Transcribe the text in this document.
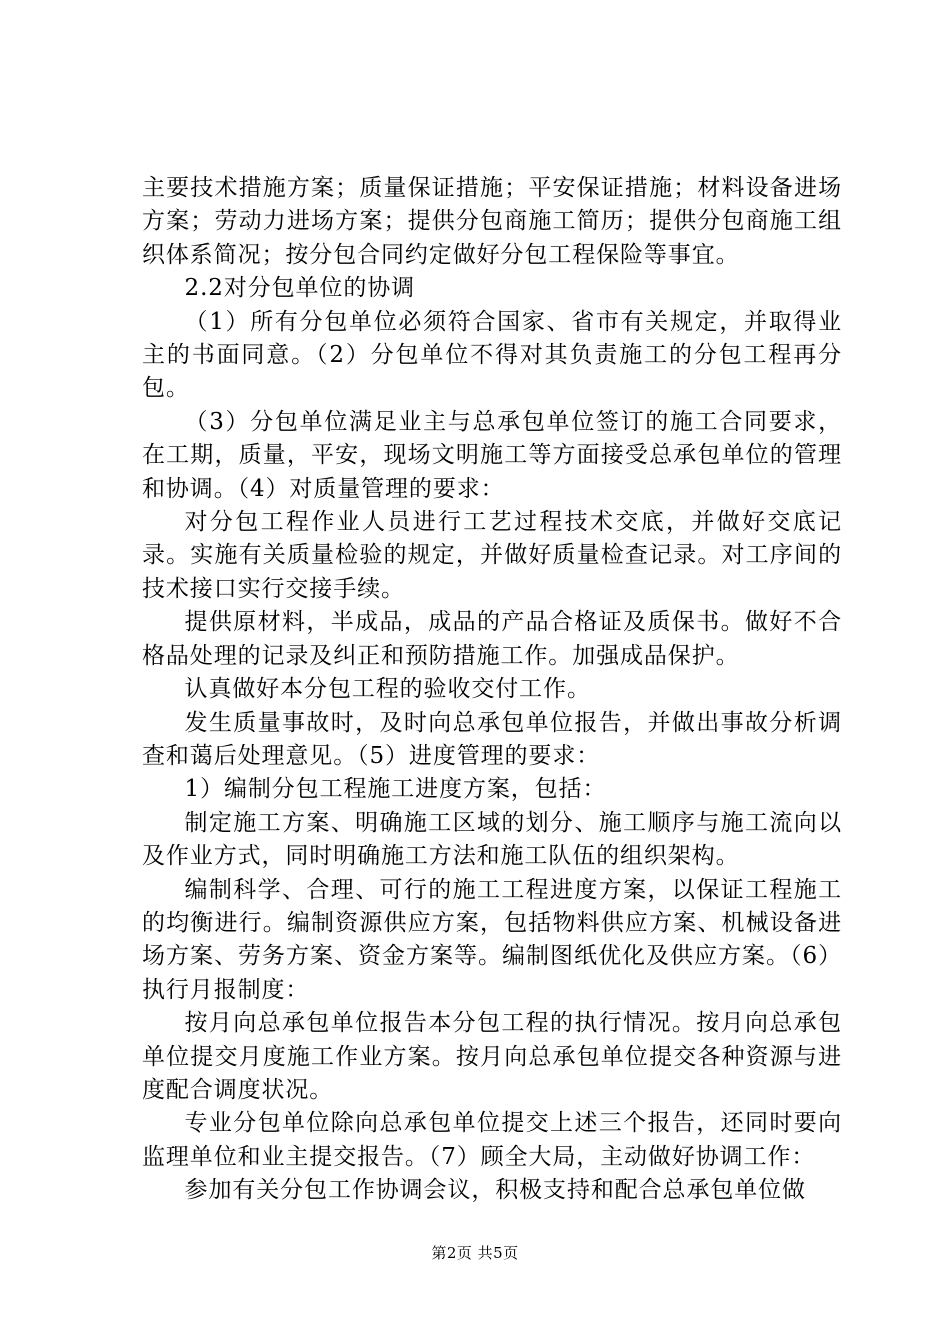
主要技术措施方案；质量保证措施；平安保证措施；材料设备进场方案；劳动力进场方案；提供分包商施工简历；提供分包商施工组织体系简况；按分包合同约定做好分包工程保险等事宜。

2.2对分包单位的协调

（1）所有分包单位必须符合国家、省市有关规定，并取得业主的书面同意。（2）分包单位不得对其负责施工的分包工程再分包。

（3）分包单位满足业主与总承包单位签订的施工合同要求，在工期，质量，平安，现场文明施工等方面接受总承包单位的管理和协调。（4）对质量管理的要求：

对分包工程作业人员进行工艺过程技术交底，并做好交底记录。实施有关质量检验的规定，并做好质量检查记录。对工序间的技术接口实行交接手续。

提供原材料，半成品，成品的产品合格证及质保书。做好不合格品处理的记录及纠正和预防措施工作。加强成品保护。

认真做好本分包工程的验收交付工作。

发生质量事故时，及时向总承包单位报告，并做出事故分析调查和蔼后处理意见。（5）进度管理的要求：

1）编制分包工程施工进度方案，包括：

制定施工方案、明确施工区域的划分、施工顺序与施工流向以及作业方式，同时明确施工方法和施工队伍的组织架构。

编制科学、合理、可行的施工工程进度方案，以保证工程施工的均衡进行。编制资源供应方案，包括物料供应方案、机械设备进场方案、劳务方案、资金方案等。编制图纸优化及供应方案。（6）执行月报制度：

按月向总承包单位报告本分包工程的执行情况。按月向总承包单位提交月度施工作业方案。按月向总承包单位提交各种资源与进度配合调度状况。

专业分包单位除向总承包单位提交上述三个报告，还同时要向监理单位和业主提交报告。（7）顾全大局，主动做好协调工作：

参加有关分包工作协调会议，积极支持和配合总承包单位做

第2页 共5页
